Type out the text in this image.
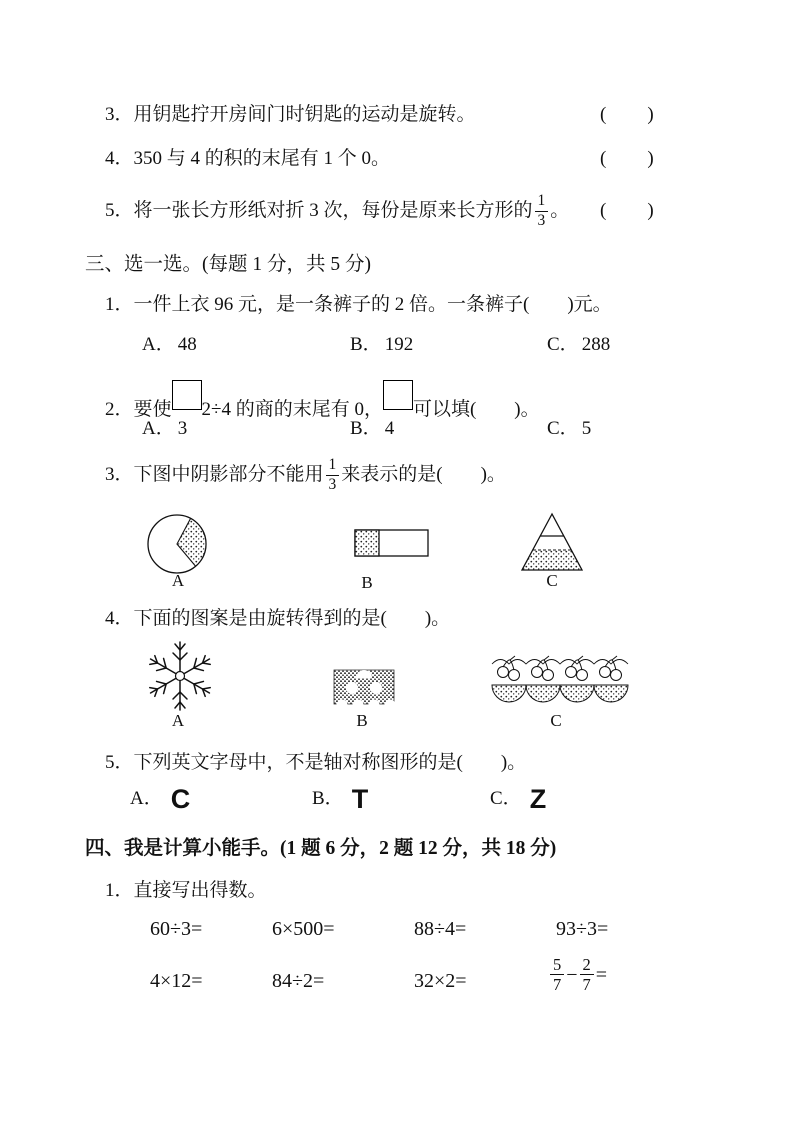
3．用钥匙拧开房间门时钥匙的运动是旋转。	(　　)
4．350 与 4 的积的末尾有 1 个 0。	(　　)
5． 将一张长方形纸对折 3 次，每份是原来长方形的 $\frac{1}{3}$ 。 (　　)
三、选一选。(每题 1 分，共 5 分)
1．一件上衣 96 元，是一条裤子的 2 倍。一条裤子(　　)元。
A． 48	B． 192	C． 288
2．要使 2÷4 的商的末尾有 0， 可以填(　　)。
A． 3	B． 4	C． 5
3． 下图中阴影部分不能用 $\frac{1}{3}$ 来表示的是(　　)。
A	B	C
4．下面的图案是由旋转得到的是(　　)。
A	B	C
5．下列英文字母中，不是轴对称图形的是(　　)。
A． C	B． T	C． Z
四、我是计算小能手。(1 题 6 分，2 题 12 分，共 18 分)
1．直接写出得数。
60÷3=	6×500=	88÷4=	93÷3=
4×12=	84÷2=	32×2=	$\frac{5}{7} - \frac{2}{7}$ =
